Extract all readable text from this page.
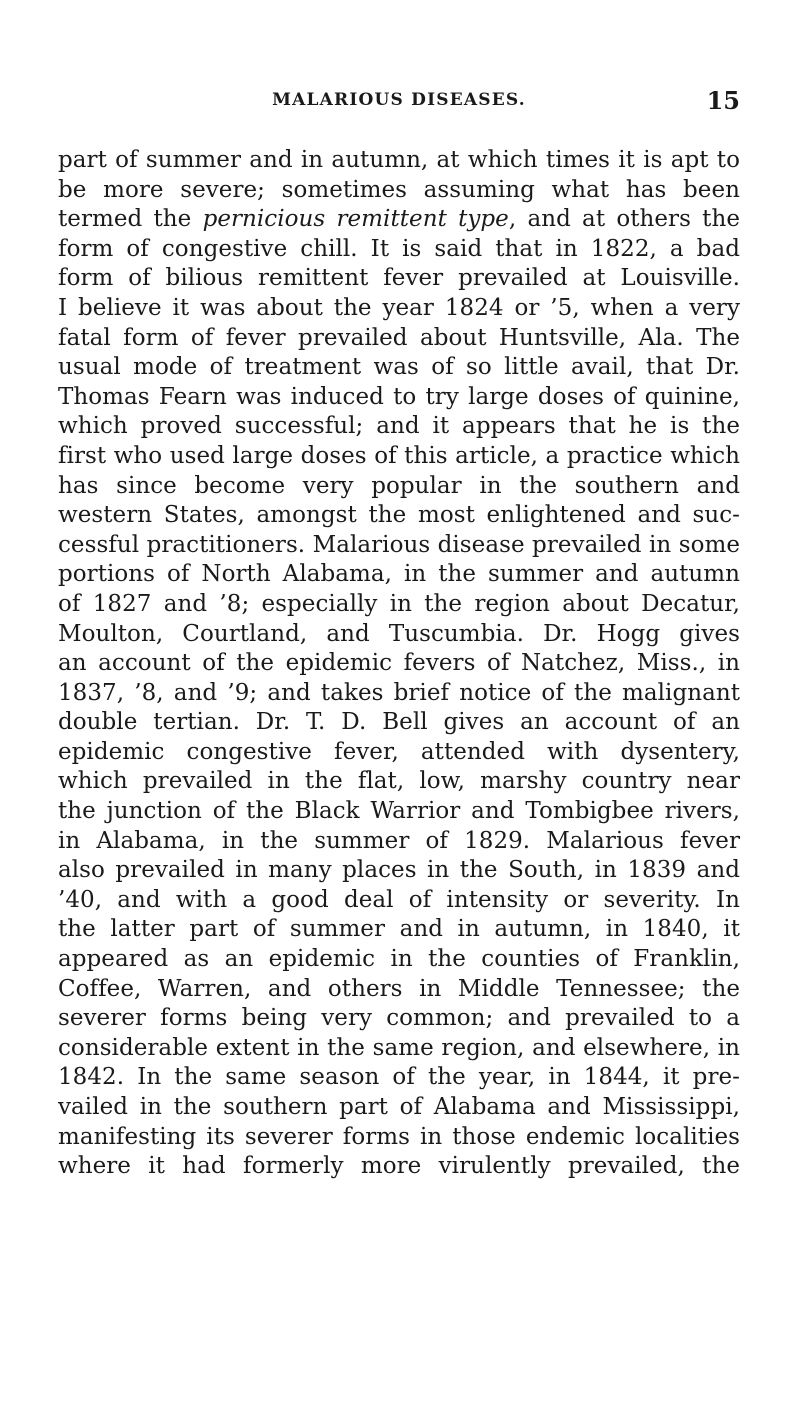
MALARIOUS DISEASES.	15
part of summer and in autumn, at which times it is apt to
be more severe; sometimes assuming what has been
termed the pernicious remittent type, and at others the
form of congestive chill. It is said that in 1822, a bad
form of bilious remittent fever prevailed at Louisville.
I believe it was about the year 1824 or ’5, when a very
fatal form of fever prevailed about Huntsville, Ala. The
usual mode of treatment was of so little avail, that Dr.
Thomas Fearn was induced to try large doses of quinine,
which proved successful; and it appears that he is the
first who used large doses of this article, a practice which
has since become very popular in the southern and
western States, amongst the most enlightened and suc-
cessful practitioners. Malarious disease prevailed in some
portions of North Alabama, in the summer and autumn
of 1827 and ’8; especially in the region about Decatur,
Moulton, Courtland, and Tuscumbia. Dr. Hogg gives
an account of the epidemic fevers of Natchez, Miss., in
1837, ’8, and ’9; and takes brief notice of the malignant
double tertian. Dr. T. D. Bell gives an account of an
epidemic congestive fever, attended with dysentery,
which prevailed in the flat, low, marshy country near
the junction of the Black Warrior and Tombigbee rivers,
in Alabama, in the summer of 1829. Malarious fever
also prevailed in many places in the South, in 1839 and
’40, and with a good deal of intensity or severity. In
the latter part of summer and in autumn, in 1840, it
appeared as an epidemic in the counties of Franklin,
Coffee, Warren, and others in Middle Tennessee; the
severer forms being very common; and prevailed to a
considerable extent in the same region, and elsewhere, in
1842. In the same season of the year, in 1844, it pre-
vailed in the southern part of Alabama and Mississippi,
manifesting its severer forms in those endemic localities
where it had formerly more virulently prevailed, the
